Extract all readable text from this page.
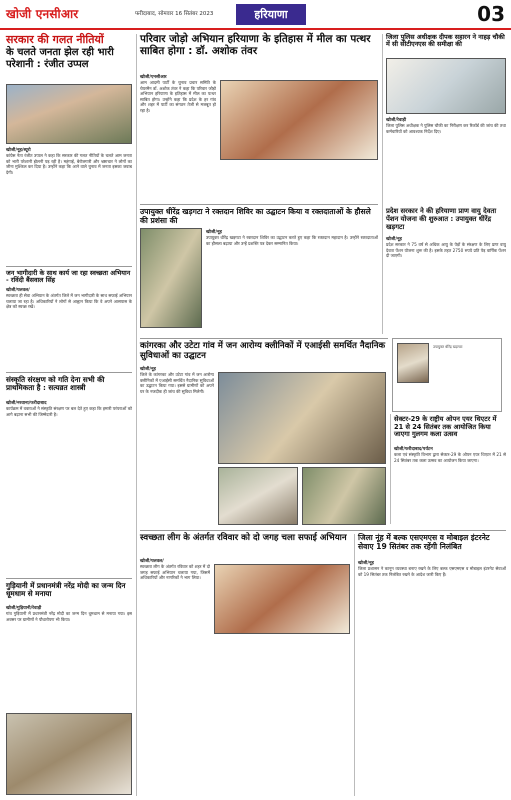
खोजी एनसीआर	फरीदाबाद, सोमवार 16 सितंबर 2023	हरियाणा	03
सरकार की गलत नीतियों
के चलते जनता झेल रही भारी परेशानी : रंजीत उप्पल
खोजी/नूह/ब्यूरो

कांग्रेस नेता रंजीत उप्पल ने कहा कि सरकार की गलत नीतियों के चलते आम जनता को भारी परेशानी झेलनी पड़ रही है। महंगाई, बेरोजगारी और भ्रष्टाचार ने लोगों का जीना मुश्किल कर दिया है। उन्होंने कहा कि आने वाले चुनाव में जनता इसका जवाब देगी।

जन भागीदारी के साथ कार्य जा रहा स्वच्छता अभियान - रविंदी बैंसवाल सिंह
खोजी/पलवल/

स्वच्छता ही सेवा अभियान के अंतर्गत जिले में जन भागीदारी के साथ सफाई अभियान चलाया जा रहा है। अधिकारियों ने लोगों से आह्वान किया कि वे अपने आसपास के क्षेत्र को स्वच्छ रखें।

संस्कृति संरक्षण को गति देना सभी की प्राथमिकता है : सत्यव्रत शास्त्री
खोजी/नरवाना/फरीदाबाद

कार्यक्रम में वक्ताओं ने संस्कृति संरक्षण पर बल देते हुए कहा कि हमारी परंपराओं को आगे बढ़ाना सभी की जिम्मेदारी है।

गुड़ियानी में प्रधानमंत्री नरेंद्र मोदी का जन्म दिन धूमधाम से मनाया
खोजी/गुड़ियानी/रेवाड़ी

गांव गुड़ियानी में प्रधानमंत्री नरेंद्र मोदी का जन्म दिन धूमधाम से मनाया गया। इस अवसर पर ग्रामीणों ने पौधारोपण भी किया।

परिवार जोड़ो अभियान हरियाणा के इतिहास में मील का पत्थर साबित होगा : डॉ. अशोक तंवर
खोजी/एनसीआर

आम आदमी पार्टी के चुनाव प्रचार समिति के चेयरमैन डॉ. अशोक तंवर ने कहा कि परिवार जोड़ो अभियान हरियाणा के इतिहास में मील का पत्थर साबित होगा। उन्होंने कहा कि प्रदेश के हर गांव और शहर में पार्टी का संगठन तेजी से मजबूत हो रहा है।

उपायुक्त धीरेंद्र खड़गटा ने रक्तदान शिविर का उद्घाटन किया व रक्तदाताओं के हौसले की प्रशंसा की
खोजी/नूह

उपायुक्त धीरेंद्र खड़गटा ने रक्तदान शिविर का उद्घाटन करते हुए कहा कि रक्तदान महादान है। उन्होंने रक्तदाताओं का हौसला बढ़ाया और उन्हें प्रशस्ति पत्र देकर सम्मानित किया।

जिला पुलिस अधीक्षक दीपक सहारन ने नाहड़ चौकी में सी सीटीएनएस की समीक्षा की
खोजी/रेवाड़ी

जिला पुलिस अधीक्षक ने पुलिस चौकी का निरीक्षण कर रिकॉर्ड की जांच की तथा कर्मचारियों को आवश्यक निर्देश दिए।

प्रदेश सरकार ने की हरियाणा प्राण वायु देवता पेंशन योजना की शुरुआत : उपायुक्त धीरेंद्र खड़गटा
खोजी/नूह

प्रदेश सरकार ने 75 वर्ष से अधिक आयु के पेड़ों के संरक्षण के लिए प्राण वायु देवता पेंशन योजना शुरू की है। इसके तहत 2750 रुपये प्रति पेड़ वार्षिक पेंशन दी जाएगी।

उपायुक्त धीरेंद्र खड़गटा
कांगरका और उटेटा गांव में जन आरोग्य क्लीनिकों में एआईसी समर्थित नैदानिक सुविधाओं का उद्घाटन
खोजी/नूह

जिले के कांगरका और उटेटा गांव में जन आरोग्य क्लीनिकों में एआईसी समर्थित नैदानिक सुविधाओं का उद्घाटन किया गया। इससे ग्रामीणों को अपने घर के नजदीक ही जांच की सुविधा मिलेगी।

सेक्टर-29 के राष्ट्रीय ओपन एयर थिएटर में 21 से 24 सितंबर तक आयोजित किया जाएगा गुलगम कला उत्सव
खोजी/फरीदाबाद/पर्यटन

कला एवं संस्कृति विभाग द्वारा सेक्टर-29 के ओपन एयर थिएटर में 21 से 24 सितंबर तक कला उत्सव का आयोजन किया जाएगा।

स्वच्छता लीग के अंतर्गत रविवार को दो जगह चला सफाई अभियान
खोजी/पलवल/

स्वच्छता लीग के अंतर्गत रविवार को शहर में दो जगह सफाई अभियान चलाया गया, जिसमें अधिकारियों और नागरिकों ने भाग लिया।

जिला नूंह में बल्क एसएमएस व मोबाइल इंटरनेट सेवाए 19 सितंबर तक रहेंगी निलंबित
खोजी/नूह

जिला प्रशासन ने कानून व्यवस्था बनाए रखने के लिए बल्क एसएमएस व मोबाइल इंटरनेट सेवाओं को 19 सितंबर तक निलंबित रखने के आदेश जारी किए हैं।
